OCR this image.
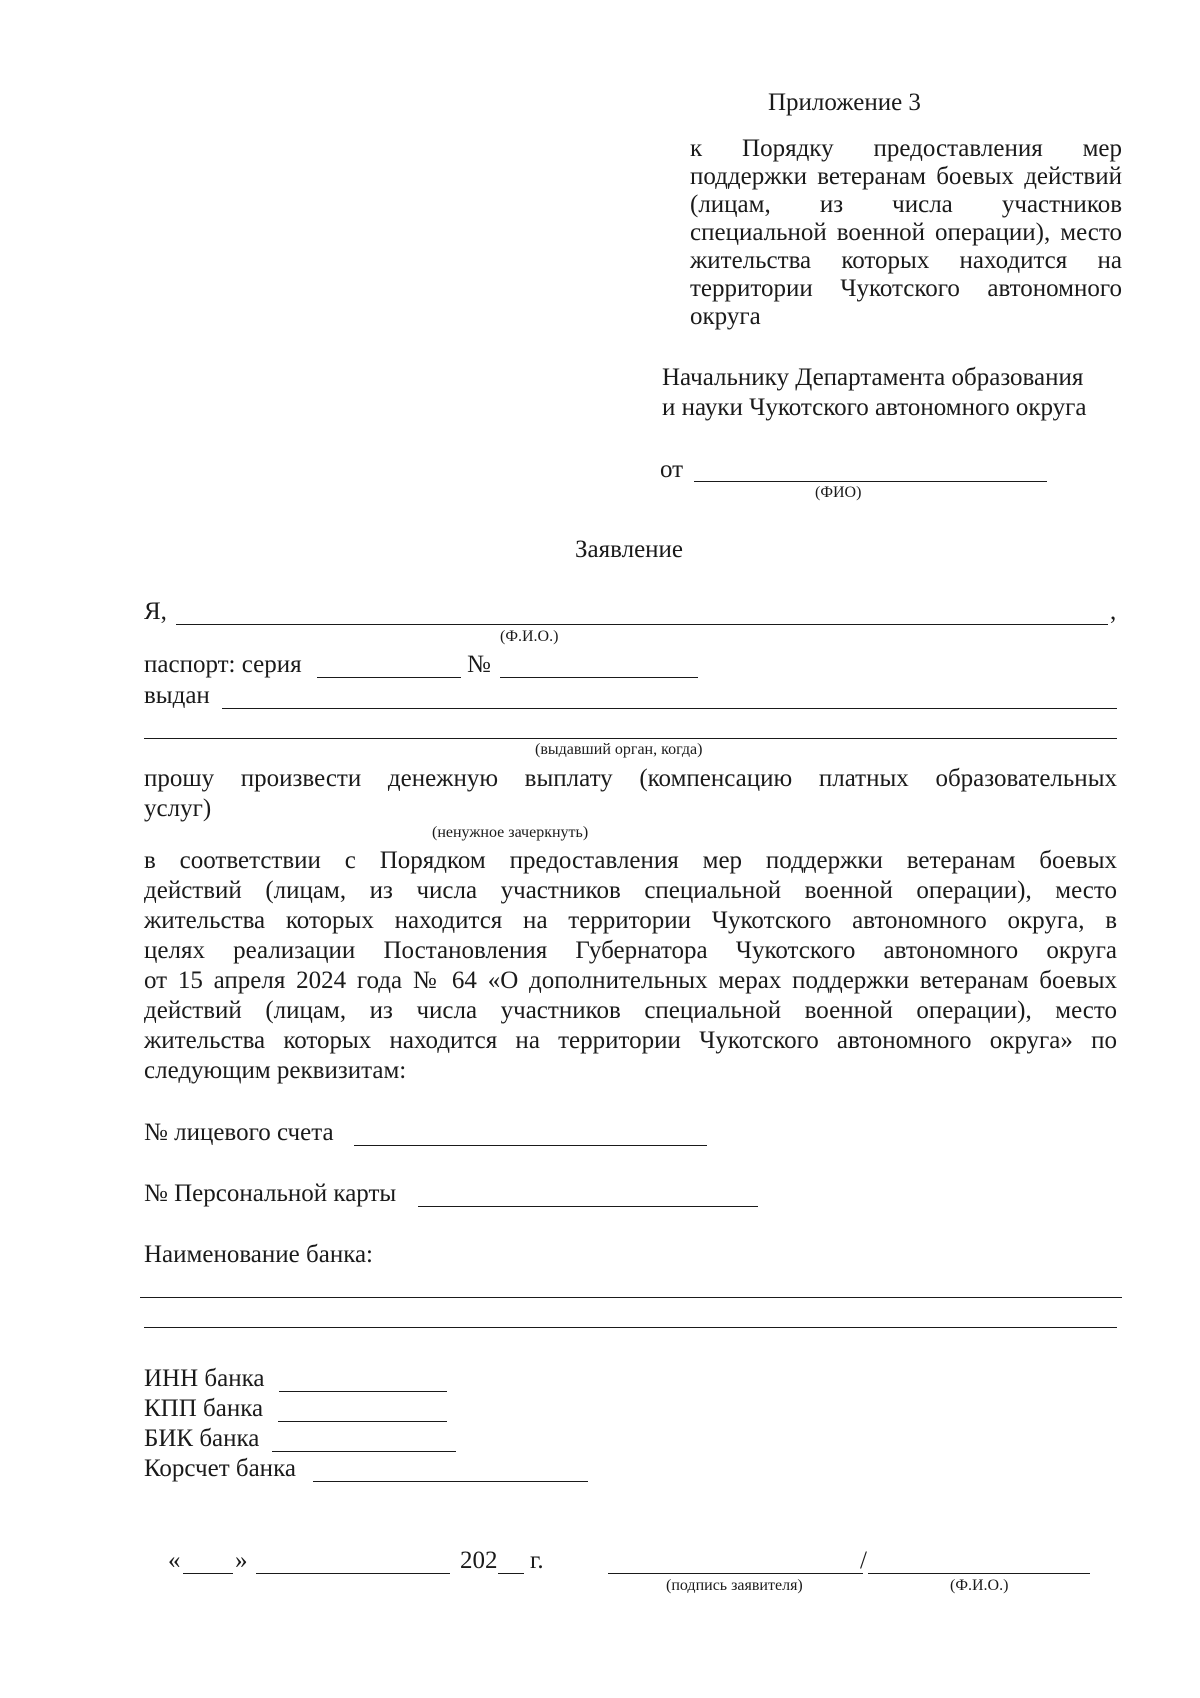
Приложение 3
к Порядку предоставления мер
поддержки ветеранам боевых действий
(лицам, из числа участников
специальной военной операции), место
жительства которых находится на
территории Чукотского автономного
округа
Начальнику Департамента образования
и науки Чукотского автономного округа
от
(ФИО)
Заявление
Я,	,
(Ф.И.О.)
паспорт: серия	№
выдан
(выдавший орган, когда)
прошу произвести денежную выплату (компенсацию платных образовательных
услуг)
(ненужное зачеркнуть)
в соответствии с Порядком предоставления мер поддержки ветеранам боевых
действий (лицам, из числа участников специальной военной операции), место
жительства которых находится на территории Чукотского автономного округа, в
целях реализации Постановления Губернатора Чукотского автономного округа
от 15 апреля 2024 года № 64 «О дополнительных мерах поддержки ветеранам боевых
действий (лицам, из числа участников специальной военной операции), место
жительства которых находится на территории Чукотского автономного округа» по
следующим реквизитам:
№ лицевого счета
№ Персональной карты
Наименование банка:
ИНН банка
КПП банка
БИК банка
Корсчет банка
« »	202 г.	/
(подпись заявителя)	(Ф.И.О.)
